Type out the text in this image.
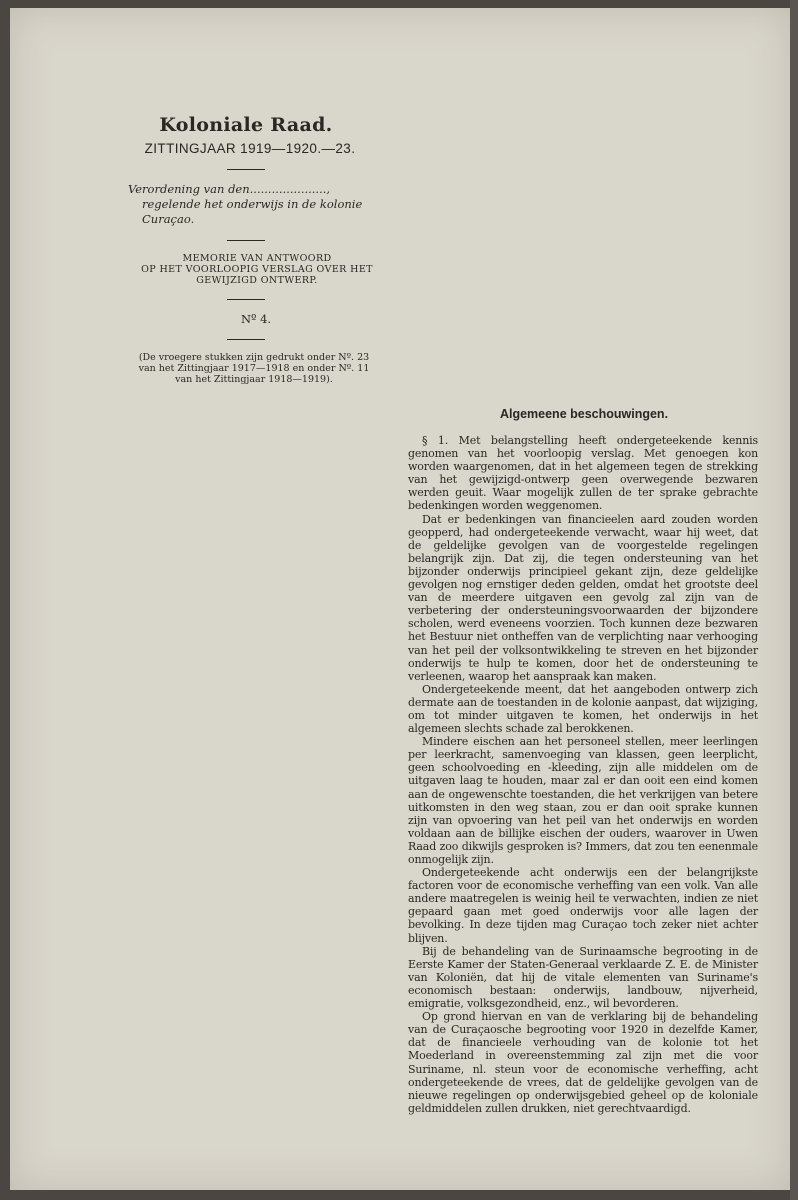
Koloniale Raad.
ZITTINGJAAR 1919—1920.—23.
Verordening van den.....................,
regelende het onderwijs in de kolonie Curaçao.
MEMORIE VAN ANTWOORD
OP HET VOORLOOPIG VERSLAG OVER HET
GEWIJZIGD ONTWERP.
Nº 4.
(De vroegere stukken zijn gedrukt onder Nº. 23
van het Zittingjaar 1917—1918 en onder Nº. 11
van het Zittingjaar 1918—1919).
Algemeene beschouwingen.

§ 1. Met belangstelling heeft ondergeteekende kennis genomen van het voorloopig verslag. Met genoegen kon worden waargenomen, dat in het algemeen tegen de strekking van het gewijzigd-ontwerp geen overwegende bezwaren werden geuit. Waar mogelijk zullen de ter sprake gebrachte bedenkingen worden weggenomen.

Dat er bedenkingen van financieelen aard zouden worden geopperd, had ondergeteekende verwacht, waar hij weet, dat de geldelijke gevolgen van de voorgestelde regelingen belangrijk zijn. Dat zij, die tegen ondersteuning van het bijzonder onderwijs principieel gekant zijn, deze geldelijke gevolgen nog ernstiger deden gelden, omdat het grootste deel van de meerdere uitgaven een gevolg zal zijn van de verbetering der ondersteuningsvoorwaarden der bijzondere scholen, werd eveneens voorzien. Toch kunnen deze bezwaren het Bestuur niet ontheffen van de verplichting naar verhooging van het peil der volksontwikkeling te streven en het bijzonder onderwijs te hulp te komen, door het de ondersteuning te verleenen, waarop het aanspraak kan maken.

Ondergeteekende meent, dat het aangeboden ontwerp zich dermate aan de toestanden in de kolonie aanpast, dat wijziging, om tot minder uitgaven te komen, het onderwijs in het algemeen slechts schade zal berokkenen.

Mindere eischen aan het personeel stellen, meer leerlingen per leerkracht, samenvoeging van klassen, geen leerplicht, geen schoolvoeding en -kleeding, zijn alle middelen om de uitgaven laag te houden, maar zal er dan ooit een eind komen aan de ongewenschte toestanden, die het verkrijgen van betere uitkomsten in den weg staan, zou er dan ooit sprake kunnen zijn van opvoering van het peil van het onderwijs en worden voldaan aan de billijke eischen der ouders, waarover in Uwen Raad zoo dikwijls gesproken is? Immers, dat zou ten eenenmale onmogelijk zijn.

Ondergeteekende acht onderwijs een der belangrijkste factoren voor de economische verheffing van een volk. Van alle andere maatregelen is weinig heil te verwachten, indien ze niet gepaard gaan met goed onderwijs voor alle lagen der bevolking. In deze tijden mag Curaçao toch zeker niet achter blijven.

Bij de behandeling van de Surinaamsche begrooting in de Eerste Kamer der Staten-Generaal verklaarde Z. E. de Minister van Koloniën, dat hij de vitale elementen van Suriname's economisch bestaan: onderwijs, landbouw, nijverheid, emigratie, volksgezondheid, enz., wil bevorderen.

Op grond hiervan en van de verklaring bij de behandeling van de Curaçaosche begrooting voor 1920 in dezelfde Kamer, dat de financieele verhouding van de kolonie tot het Moederland in overeenstemming zal zijn met die voor Suriname, nl. steun voor de economische verheffing, acht ondergeteekende de vrees, dat de geldelijke gevolgen van de nieuwe regelingen op onderwijsgebied geheel op de koloniale geldmiddelen zullen drukken, niet gerechtvaardigd.
